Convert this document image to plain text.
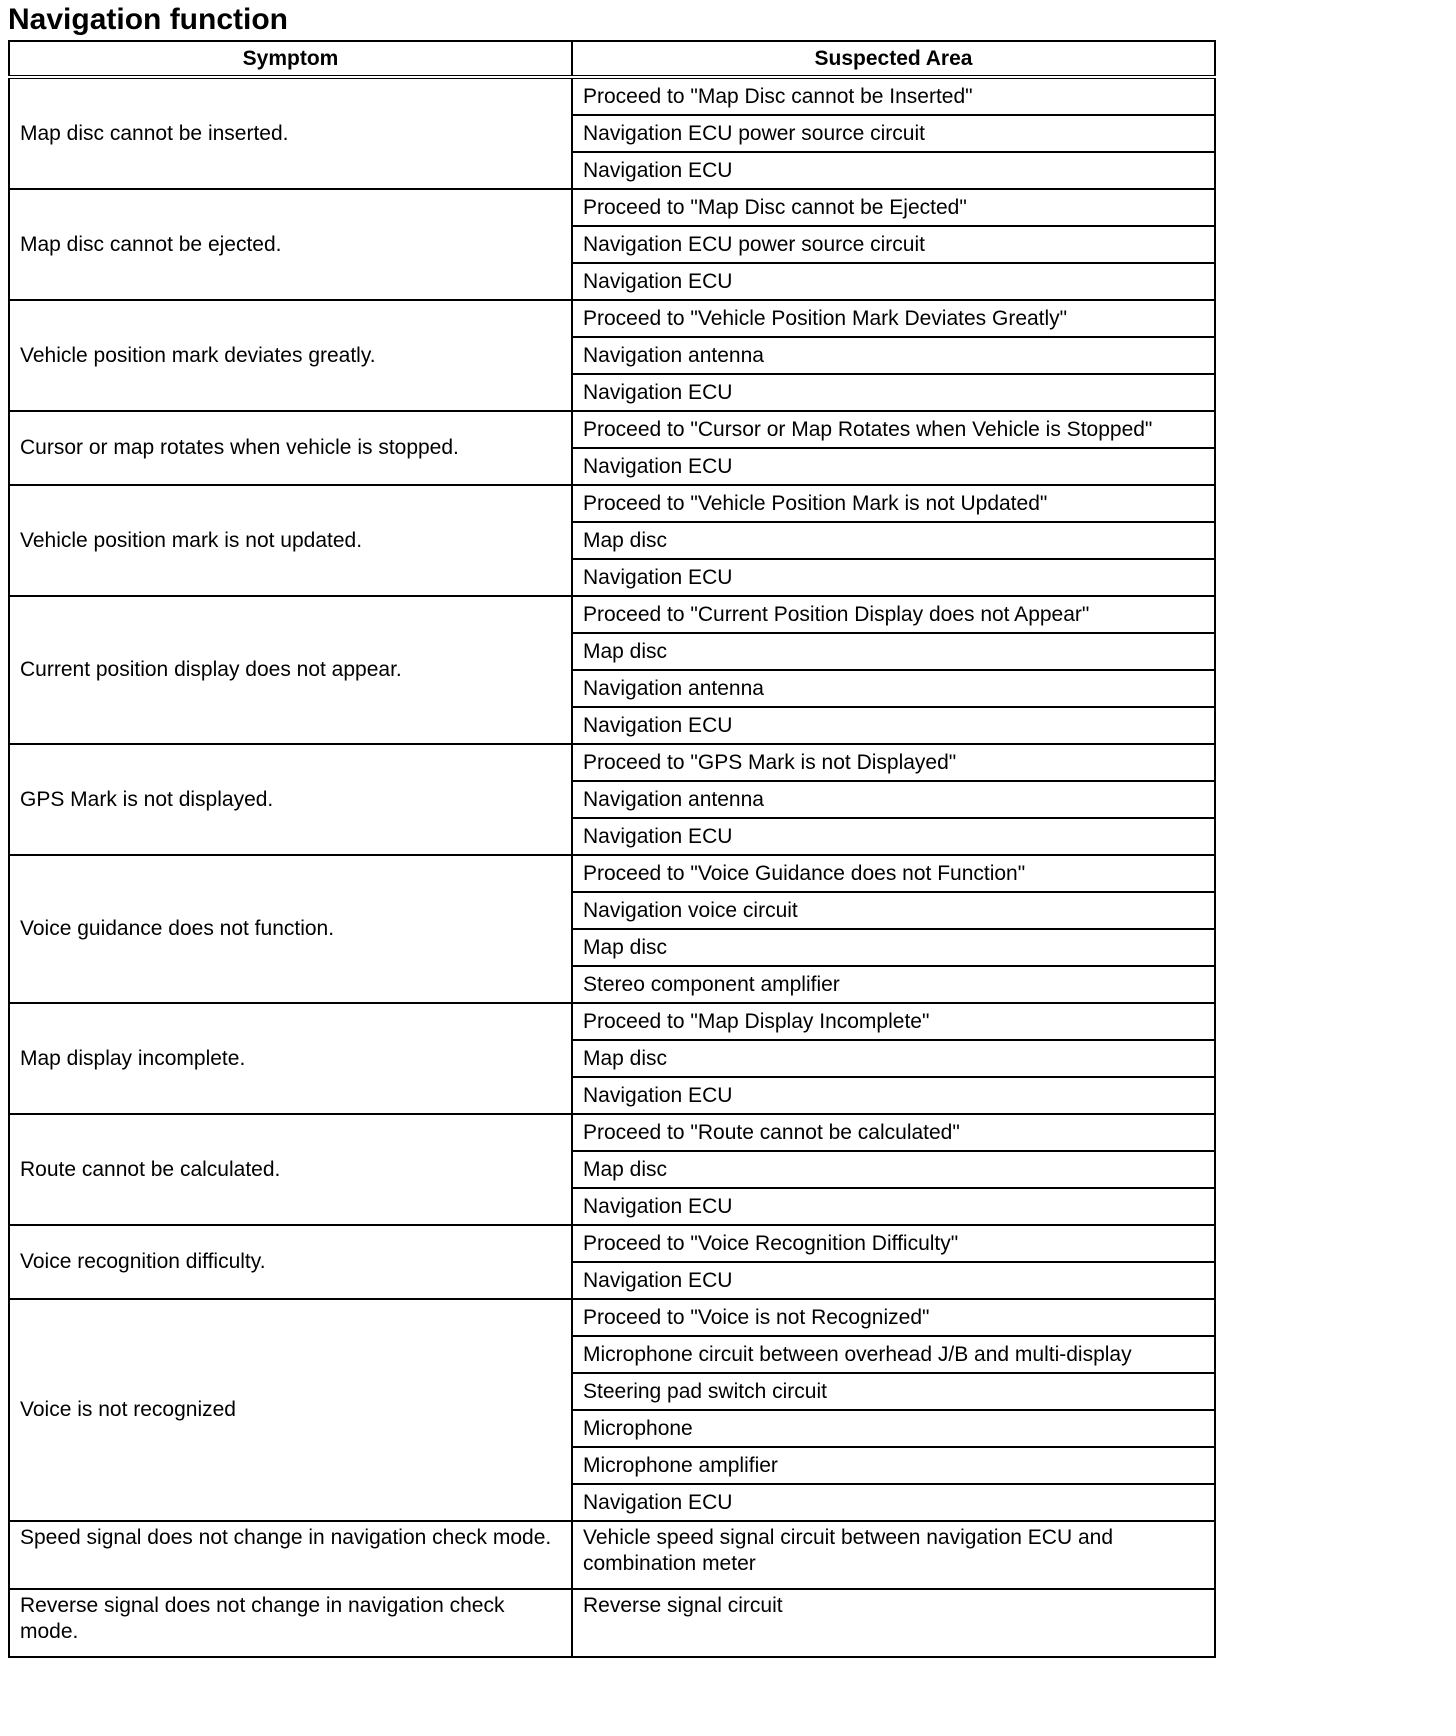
Navigation function
Symptom	Suspected Area
Map disc cannot be inserted.	Proceed to "Map Disc cannot be Inserted"
	Navigation ECU power source circuit
	Navigation ECU
Map disc cannot be ejected.	Proceed to "Map Disc cannot be Ejected"
	Navigation ECU power source circuit
	Navigation ECU
Vehicle position mark deviates greatly.	Proceed to "Vehicle Position Mark Deviates Greatly"
	Navigation antenna
	Navigation ECU
Cursor or map rotates when vehicle is stopped.	Proceed to "Cursor or Map Rotates when Vehicle is Stopped"
	Navigation ECU
Vehicle position mark is not updated.	Proceed to "Vehicle Position Mark is not Updated"
	Map disc
	Navigation ECU
Current position display does not appear.	Proceed to "Current Position Display does not Appear"
	Map disc
	Navigation antenna
	Navigation ECU
GPS Mark is not displayed.	Proceed to "GPS Mark is not Displayed"
	Navigation antenna
	Navigation ECU
Voice guidance does not function.	Proceed to "Voice Guidance does not Function"
	Navigation voice circuit
	Map disc
	Stereo component amplifier
Map display incomplete.	Proceed to "Map Display Incomplete"
	Map disc
	Navigation ECU
Route cannot be calculated.	Proceed to "Route cannot be calculated"
	Map disc
	Navigation ECU
Voice recognition difficulty.	Proceed to "Voice Recognition Difficulty"
	Navigation ECU
Voice is not recognized	Proceed to "Voice is not Recognized"
	Microphone circuit between overhead J/B and multi-display
	Steering pad switch circuit
	Microphone
	Microphone amplifier
	Navigation ECU
Speed signal does not change in navigation check mode.	Vehicle speed signal circuit between navigation ECU and combination meter
Reverse signal does not change in navigation check mode.	Reverse signal circuit
